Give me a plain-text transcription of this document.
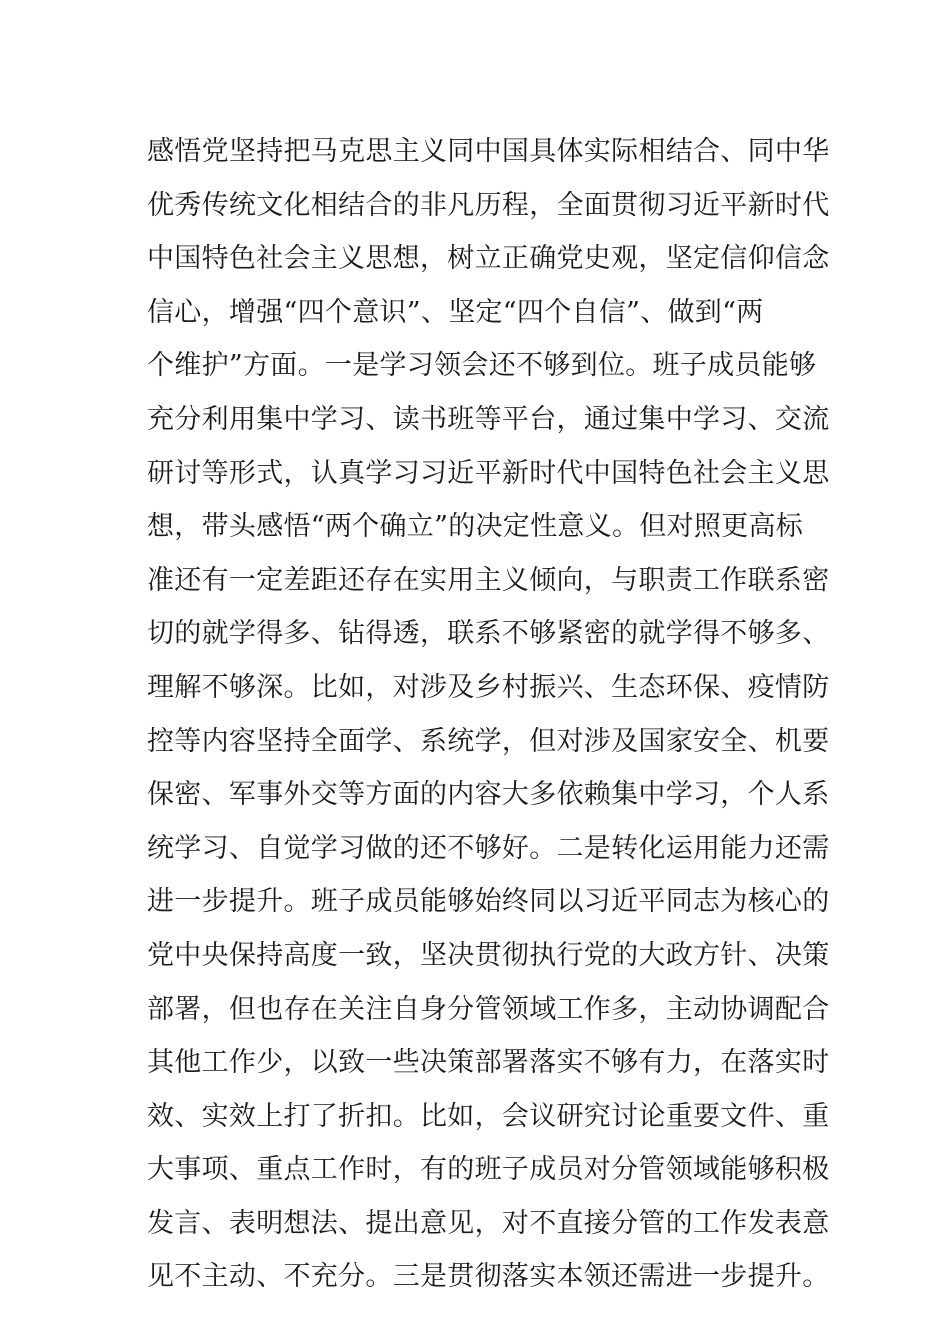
感悟党坚持把马克思主义同中国具体实际相结合、同中华
优秀传统文化相结合的非凡历程，全面贯彻习近平新时代
中国特色社会主义思想，树立正确党史观，坚定信仰信念
信心，增强“四个意识”、坚定“四个自信”、做到“两
个维护”方面。一是学习领会还不够到位。班子成员能够
充分利用集中学习、读书班等平台，通过集中学习、交流
研讨等形式，认真学习习近平新时代中国特色社会主义思
想，带头感悟“两个确立”的决定性意义。但对照更高标
准还有一定差距还存在实用主义倾向，与职责工作联系密
切的就学得多、钻得透，联系不够紧密的就学得不够多、
理解不够深。比如，对涉及乡村振兴、生态环保、疫情防
控等内容坚持全面学、系统学，但对涉及国家安全、机要
保密、军事外交等方面的内容大多依赖集中学习，个人系
统学习、自觉学习做的还不够好。二是转化运用能力还需
进一步提升。班子成员能够始终同以习近平同志为核心的
党中央保持高度一致，坚决贯彻执行党的大政方针、决策
部署，但也存在关注自身分管领域工作多，主动协调配合
其他工作少，以致一些决策部署落实不够有力，在落实时
效、实效上打了折扣。比如，会议研究讨论重要文件、重
大事项、重点工作时，有的班子成员对分管领域能够积极
发言、表明想法、提出意见，对不直接分管的工作发表意
见不主动、不充分。三是贯彻落实本领还需进一步提升。
